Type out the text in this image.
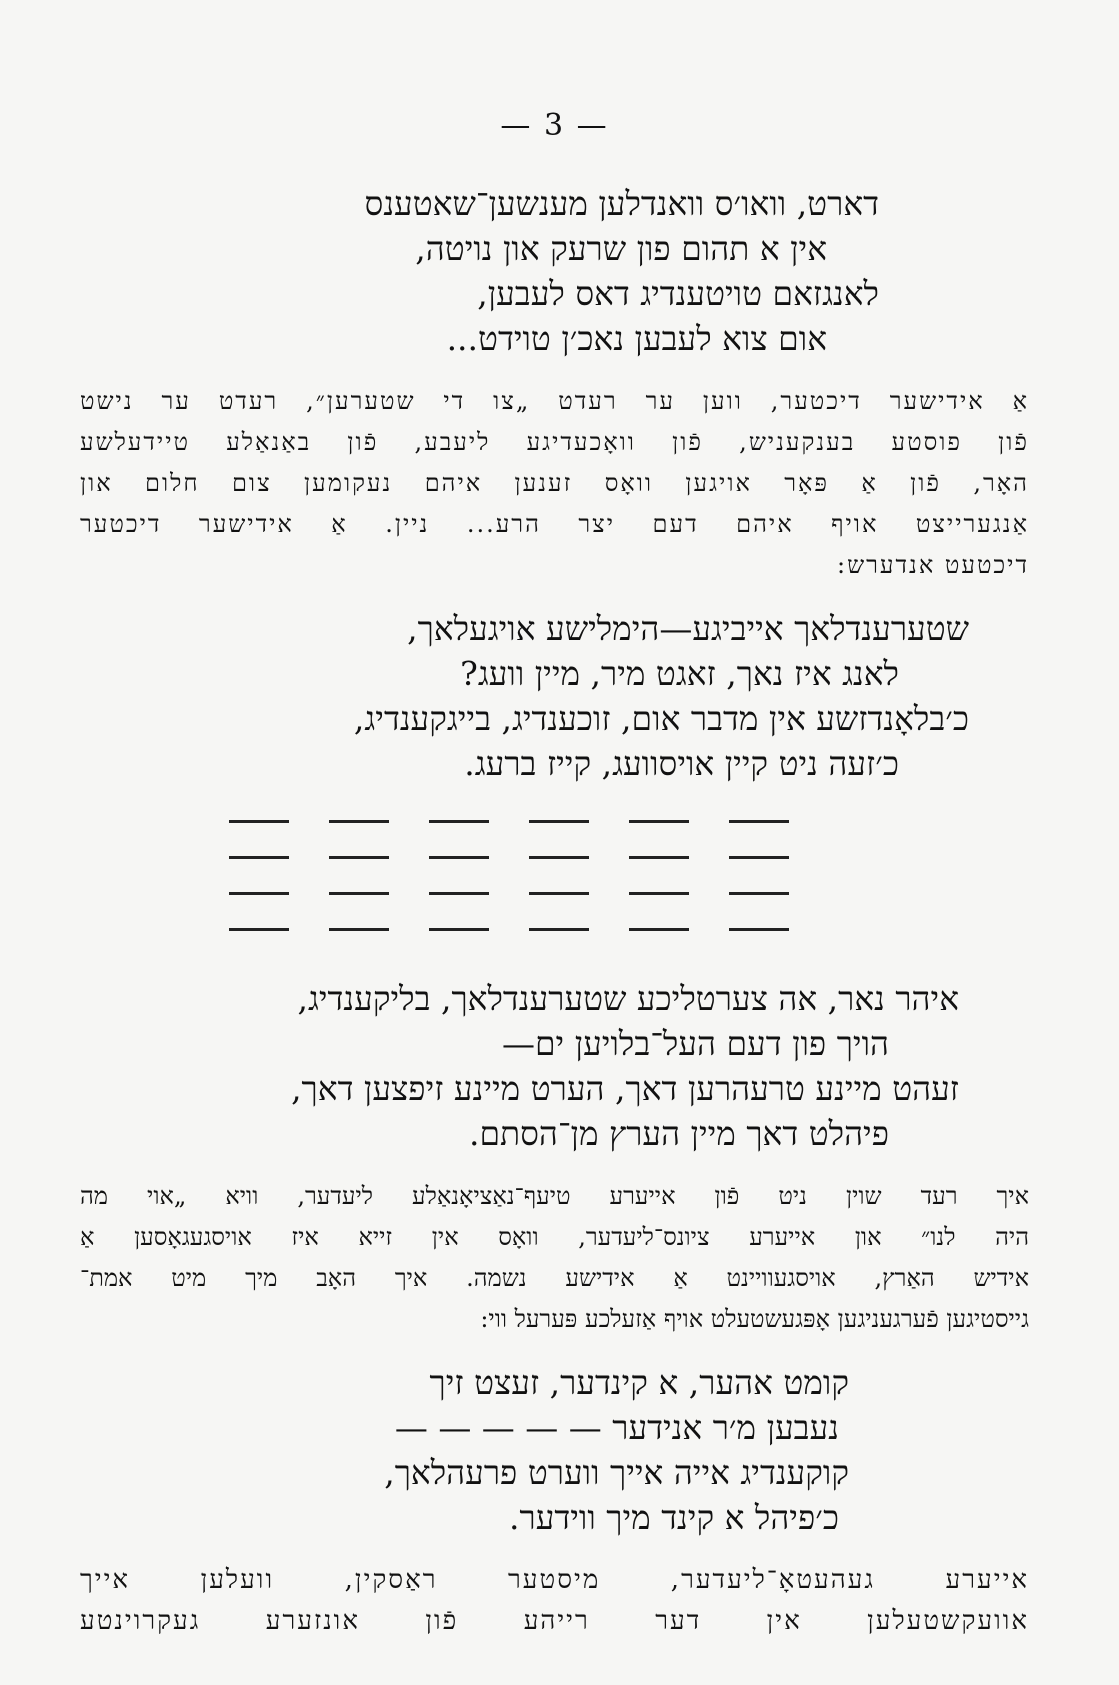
— 3 —
דארט, וואו׳ס וואנדלען מענשען־שאטענס
אין א תהום פון שרעק און נויטה,
לאנגזאם טויטענדיג דאס לעבען,
אום צוא לעבען נאכ׳ן טוידט...
אַ אידישער דיכטער, ווען ער רעדט „צו די שטערען״, רעדט ער נישט
פֿון פוסטע בענקעניש, פֿון וואָכעדיגע ליעבע, פֿון באַנאַלע טיידעלשע
האָר, פֿון אַ פּאָר אויגען וואָס זענען איהם נעקומען צום חלום און
אַנגערייצט אויף איהם דעם יצר הרע... ניין. אַ אידישער דיכטער
דיכטעט אנדערש:
שטערענדלאך אייביגע—הימלישע אויגעלאך,
לאנג איז נאך, זאגט מיר, מיין וועג?
כ׳בלאָנדזשע אין מדבר אום, זוכענדיג, בייגקענדיג,
כ׳זעה ניט קיין אויסוועג, קייז ברעג.
איהר נאר, אה צערטליכע שטערענדלאך, בליקענדיג,
הויך פון דעם העל־בלויען ים—
זעהט מיינע טרעהרען דאך, הערט מיינע זיפצען דאך,
פיהלט דאך מיין הערץ מן־הסתם.
איך רעד שוין ניט פֿון אייערע טיעף־נאַציאָנאַלע ליעדער, וויא „אוי מה
היה לנו״ און אייערע ציונס־ליעדער, וואָס אין זייא איז אויסגעגאָסען אַ
אידיש האַרץ, אויסגעוויינט אַ אידישע נשמה. איך האָב מיך מיט אמת־
גייסטיגען פֿערגעניגען אָפּגעשטעלט אויף אַזעלכע פּערעל ווי:
קומט אהער, א קינדער, זעצט זיך
נעבען מ׳ר אנידער — — — — —
קוקענדיג אייה אייך ווערט פרעהלאך,
כ׳פיהל א קינד מיך ווידער.
אייערע געהעטאָ־ליעדער, מיסטער ראַסקין, וועלען אייך
אוועקשטעלען אין דער רייהע פֿון אונזערע געקרוינטע
